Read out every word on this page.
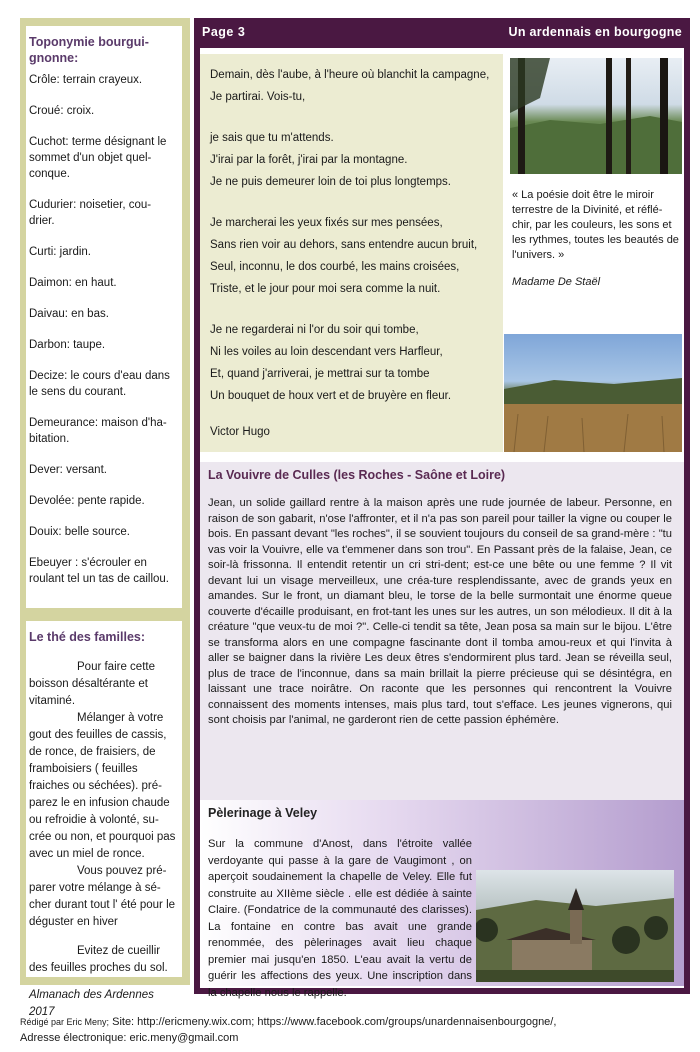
Toponymie bourgui-gnonne:
Crôle: terrain crayeux.
Croué: croix.
Cuchot: terme désignant le sommet d'un objet quel-conque.
Cudurier: noisetier, cou-drier.
Curti: jardin.
Daimon: en haut.
Daivau: en bas.
Darbon: taupe.
Decize: le cours d'eau dans le sens du courant.
Demeurance: maison d'ha-bitation.
Dever: versant.
Devolée: pente rapide.
Douix: belle source.
Ebeuyer : s'écrouler en roulant tel un tas de caillou.
Le thé des familles:

Pour faire cette boisson désaltérante et vitaminé.

Mélanger à votre gout des feuilles de cassis, de ronce, de fraisiers, de framboisiers ( feuilles fraiches ou séchées). pré-parez le en infusion chaude ou refroidie à volonté, su-crée ou non, et pourquoi pas avec un miel de ronce.

Vous pouvez pré-parer votre mélange à sé-cher durant tout l' été pour le déguster en hiver

Evitez de cueillir des feuilles proches du sol.

Almanach des Ardennes 2017

Page 3	Un ardennais en bourgogne

Demain, dès l'aube, à l'heure où blanchit la campagne,

Je partirai. Vois-tu,

je sais que tu m'attends.

J'irai par la forêt, j'irai par la montagne.

Je ne puis demeurer loin de toi plus longtemps.

Je marcherai les yeux fixés sur mes pensées,

Sans rien voir au dehors, sans entendre aucun bruit,

Seul, inconnu, le dos courbé, les mains croisées,

Triste, et le jour pour moi sera comme la nuit.

Je ne regarderai ni l'or du soir qui tombe,

Ni les voiles au loin descendant vers Harfleur,

Et, quand j'arriverai, je mettrai sur ta tombe

Un bouquet de houx vert et de bruyère en fleur.

Victor Hugo

« La poésie doit être le miroir terrestre de la Divinité, et réflé-chir, par les couleurs, les sons et les rythmes, toutes les beautés de l'univers. »
Madame De Staël
La Vouivre de Culles (les Roches - Saône et Loire)
Jean, un solide gaillard rentre à la maison après une rude journée de labeur. Personne, en raison de son gabarit, n'ose l'affronter, et il n'a pas son pareil pour tailler la vigne ou couper le bois. En passant devant "les roches", il se souvient toujours du conseil de sa grand-mère : "tu vas voir la Vouivre, elle va t'emmener dans son trou". En Passant près de la falaise, Jean, ce soir-là frissonna. Il entendit retentir un cri stri-dent; est-ce une bête ou une femme ? Il vit devant lui un visage merveilleux, une créa-ture resplendissante, avec de grands yeux en amandes. Sur le front, un diamant bleu, le torse de la belle surmontait une énorme queue couverte d'écaille produisant, en frot-tant les unes sur les autres, un son mélodieux. Il dit à la créature "que veux-tu de moi ?". Celle-ci tendit sa tête, Jean posa sa main sur le bijou. L'être se transforma alors en une compagne fascinante dont il tomba amou-reux et qui l'invita à aller se baigner dans la rivière Les deux êtres s'endormirent plus tard. Jean se réveilla seul, plus de trace de l'inconnue, dans sa main brillait la pierre précieuse qui se désintégra, en laissant une trace noirâtre. On raconte que les personnes qui rencontrent la Vouivre connaissent des moments intenses, mais plus tard, tout s'efface. Les jeunes vignerons, qui sont choisis par l'animal, ne garderont rien de cette passion éphémère.
Pèlerinage à Veley
Sur la commune d'Anost, dans l'étroite vallée verdoyante qui passe à la gare de Vaugimont , on aperçoit soudainement la chapelle de Veley. Elle fut construite au XIIème siècle . elle est dédiée à sainte Claire. (Fondatrice de la communauté des clarisses). La fontaine en contre bas avait une grande renommée, des pèlerinages avait lieu chaque premier mai jusqu'en 1850. L'eau avait la vertu de guérir les affections des yeux. Une inscription dans la chapelle nous le rappelle.
Rédigé par Eric Meny; Site: http://ericmeny.wix.com; https://www.facebook.com/groups/unardennaisenbourgogne/,
Adresse électronique: eric.meny@gmail.com
